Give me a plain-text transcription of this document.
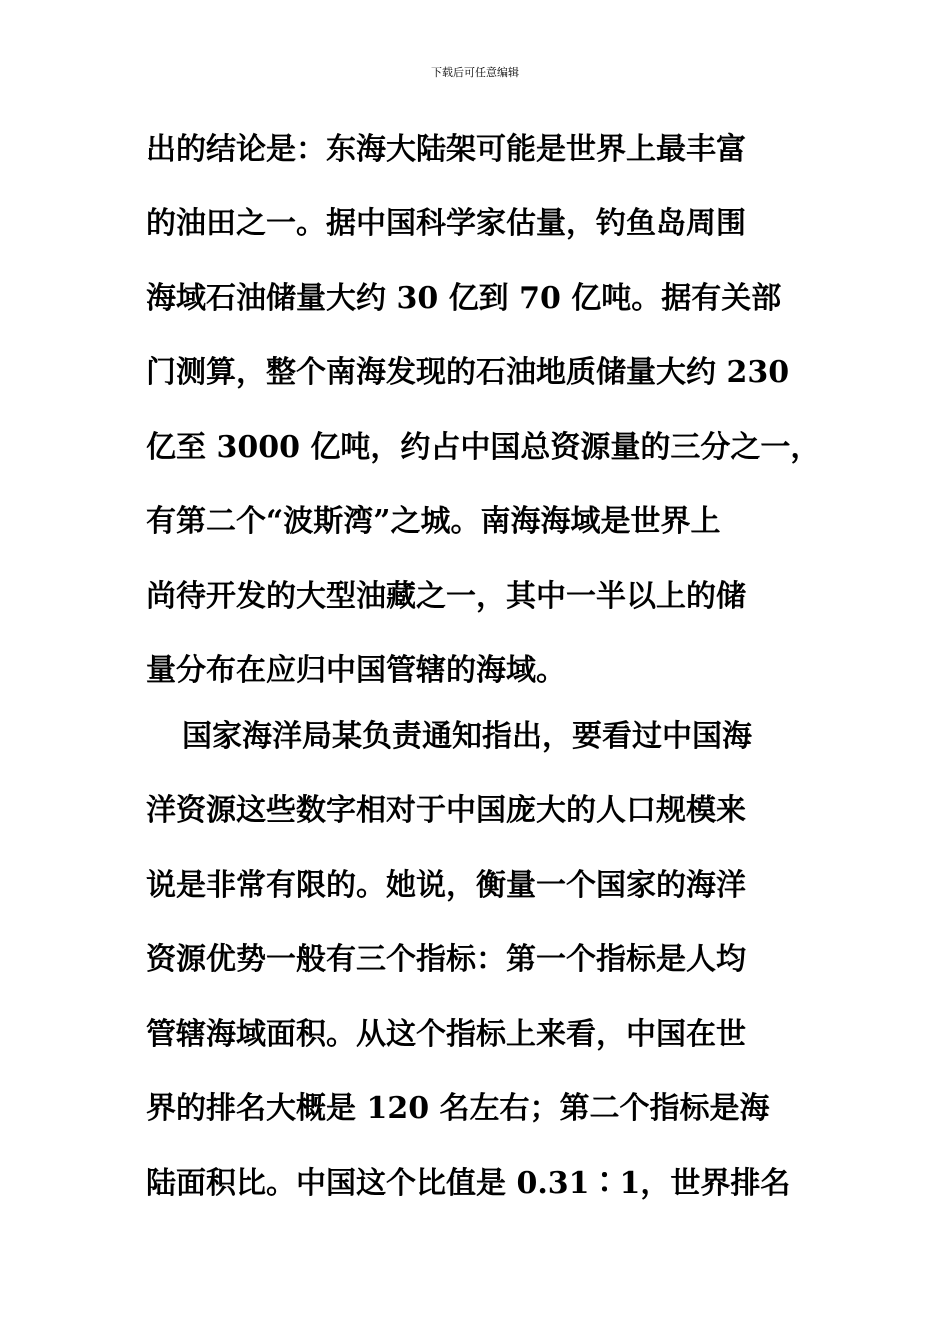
下载后可任意编辑
出的结论是：东海大陆架可能是世界上最丰富
的油田之一。据中国科学家估量，钓鱼岛周围
海域石油储量大约 30 亿到 70 亿吨。据有关部
门测算，整个南海发现的石油地质储量大约 230
亿至 3000 亿吨，约占中国总资源量的三分之一，
有第二个“波斯湾”之城。南海海域是世界上
尚待开发的大型油藏之一，其中一半以上的储
量分布在应归中国管辖的海域。
国家海洋局某负责通知指出，要看过中国海
洋资源这些数字相对于中国庞大的人口规模来
说是非常有限的。她说，衡量一个国家的海洋
资源优势一般有三个指标：第一个指标是人均
管辖海域面积。从这个指标上来看，中国在世
界的排名大概是 120 名左右；第二个指标是海
陆面积比。中国这个比值是 0.31∶1，世界排名
